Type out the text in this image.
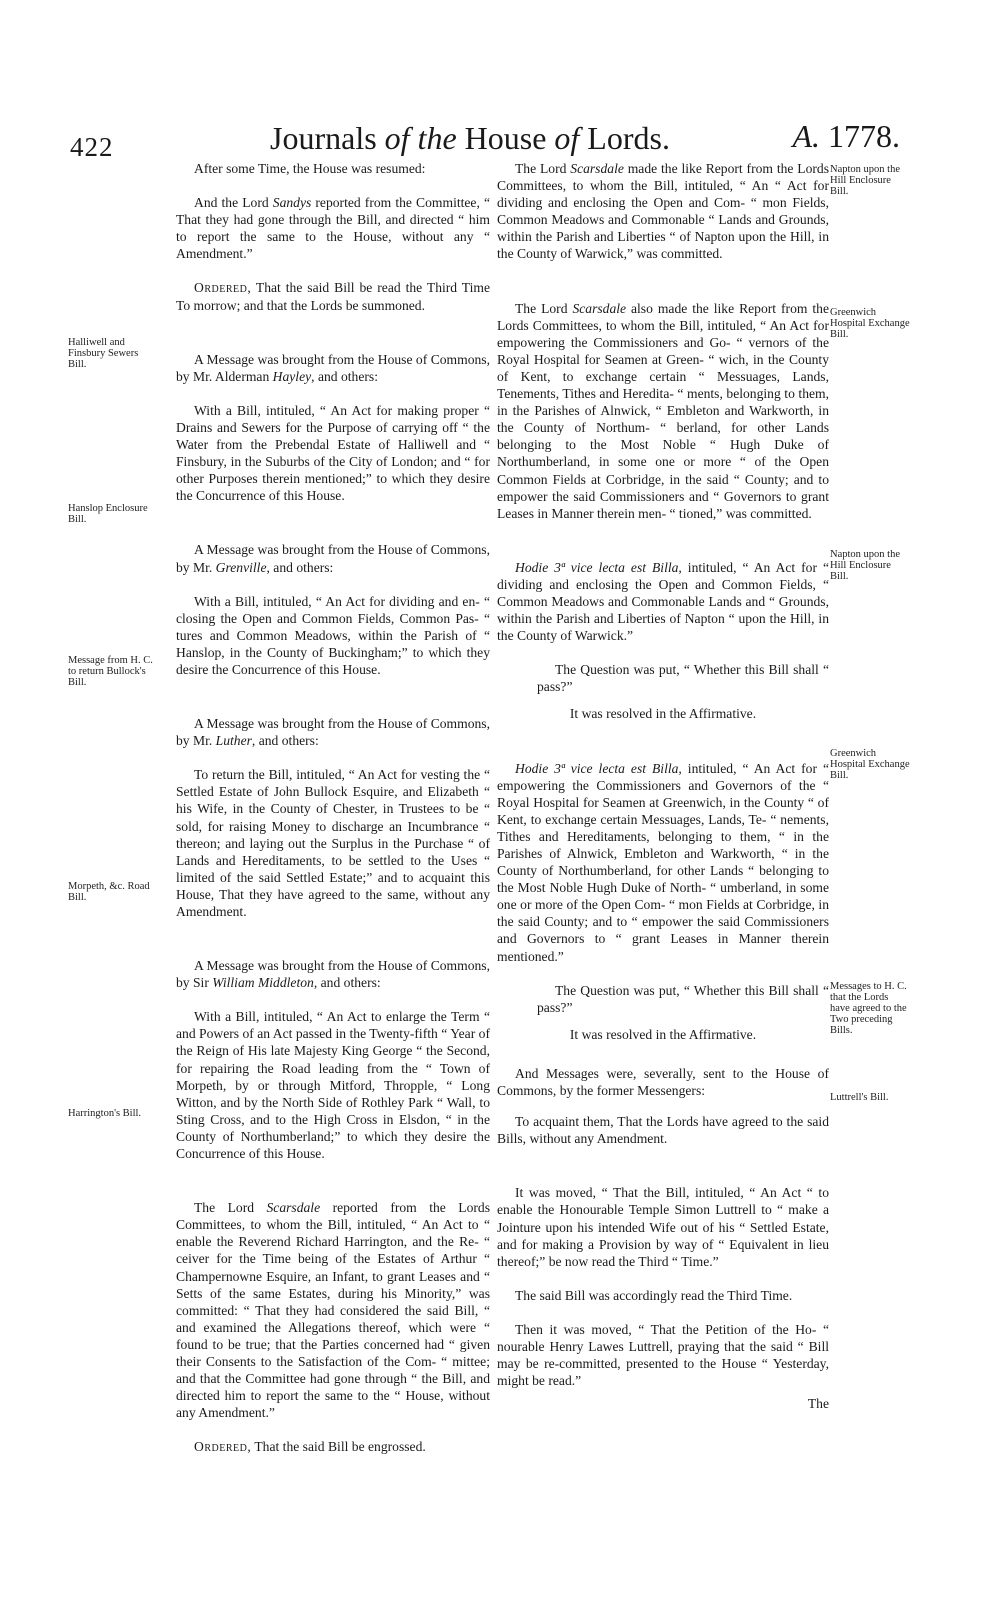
422	Journals of the House of Lords.	A. 1778.
Halliwell and Finsbury Sewers Bill.
Hanslop Enclosure Bill.
Message from H. C. to return Bullock's Bill.
Morpeth, &c. Road Bill.
Harrington's Bill.
Napton upon the Hill Enclosure Bill.
Greenwich Hospital Exchange Bill.
Napton upon the Hill Enclosure Bill.
Greenwich Hospital Exchange Bill.
Messages to H. C. that the Lords have agreed to the Two preceding Bills.
Luttrell's Bill.

After some Time, the House was resumed:

And the Lord Sandys reported from the Committee, “ That they had gone through the Bill, and directed “ him to report the same to the House, without any “ Amendment.”

Ordered, That the said Bill be read the Third Time To morrow; and that the Lords be summoned.

A Message was brought from the House of Commons, by Mr. Alderman Hayley, and others:

With a Bill, intituled, “ An Act for making proper “ Drains and Sewers for the Purpose of carrying off “ the Water from the Prebendal Estate of Halliwell and “ Finsbury, in the Suburbs of the City of London; and “ for other Purposes therein mentioned;” to which they desire the Concurrence of this House.

A Message was brought from the House of Commons, by Mr. Grenville, and others:

With a Bill, intituled, “ An Act for dividing and en- “ closing the Open and Common Fields, Common Pas- “ tures and Common Meadows, within the Parish of “ Hanslop, in the County of Buckingham;” to which they desire the Concurrence of this House.

A Message was brought from the House of Commons, by Mr. Luther, and others:

To return the Bill, intituled, “ An Act for vesting the “ Settled Estate of John Bullock Esquire, and Elizabeth “ his Wife, in the County of Chester, in Trustees to be “ sold, for raising Money to discharge an Incumbrance “ thereon; and laying out the Surplus in the Purchase “ of Lands and Hereditaments, to be settled to the Uses “ limited of the said Settled Estate;” and to acquaint this House, That they have agreed to the same, without any Amendment.

A Message was brought from the House of Commons, by Sir William Middleton, and others:

With a Bill, intituled, “ An Act to enlarge the Term “ and Powers of an Act passed in the Twenty-fifth “ Year of the Reign of His late Majesty King George “ the Second, for repairing the Road leading from the “ Town of Morpeth, by or through Mitford, Thropple, “ Long Witton, and by the North Side of Rothley Park “ Wall, to Sting Cross, and to the High Cross in Elsdon, “ in the County of Northumberland;” to which they desire the Concurrence of this House.

The Lord Scarsdale reported from the Lords Committees, to whom the Bill, intituled, “ An Act to “ enable the Reverend Richard Harrington, and the Re- “ ceiver for the Time being of the Estates of Arthur “ Champernowne Esquire, an Infant, to grant Leases and “ Setts of the same Estates, during his Minority,” was committed: “ That they had considered the said Bill, “ and examined the Allegations thereof, which were “ found to be true; that the Parties concerned had “ given their Consents to the Satisfaction of the Com- “ mittee; and that the Committee had gone through “ the Bill, and directed him to report the same to the “ House, without any Amendment.”

Ordered, That the said Bill be engrossed.

The Lord Scarsdale made the like Report from the Lords Committees, to whom the Bill, intituled, “ An “ Act for dividing and enclosing the Open and Com- “ mon Fields, Common Meadows and Commonable “ Lands and Grounds, within the Parish and Liberties “ of Napton upon the Hill, in the County of Warwick,” was committed.

The Lord Scarsdale also made the like Report from the Lords Committees, to whom the Bill, intituled, “ An Act for empowering the Commissioners and Go- “ vernors of the Royal Hospital for Seamen at Green- “ wich, in the County of Kent, to exchange certain “ Messuages, Lands, Tenements, Tithes and Heredita- “ ments, belonging to them, in the Parishes of Alnwick, “ Embleton and Warkworth, in the County of Northum- “ berland, for other Lands belonging to the Most Noble “ Hugh Duke of Northumberland, in some one or more “ of the Open Common Fields at Corbridge, in the said “ County; and to empower the said Commissioners and “ Governors to grant Leases in Manner therein men- “ tioned,” was committed.

Hodie 3ª vice lecta est Billa, intituled, “ An Act for “ dividing and enclosing the Open and Common Fields, “ Common Meadows and Commonable Lands and “ Grounds, within the Parish and Liberties of Napton “ upon the Hill, in the County of Warwick.”

The Question was put, “ Whether this Bill shall “ pass?”

It was resolved in the Affirmative.

Hodie 3ª vice lecta est Billa, intituled, “ An Act for “ empowering the Commissioners and Governors of the “ Royal Hospital for Seamen at Greenwich, in the County “ of Kent, to exchange certain Messuages, Lands, Te- “ nements, Tithes and Hereditaments, belonging to them, “ in the Parishes of Alnwick, Embleton and Warkworth, “ in the County of Northumberland, for other Lands “ belonging to the Most Noble Hugh Duke of North- “ umberland, in some one or more of the Open Com- “ mon Fields at Corbridge, in the said County; and to “ empower the said Commissioners and Governors to “ grant Leases in Manner therein mentioned.”

The Question was put, “ Whether this Bill shall “ pass?”

It was resolved in the Affirmative.

And Messages were, severally, sent to the House of Commons, by the former Messengers:

To acquaint them, That the Lords have agreed to the said Bills, without any Amendment.

It was moved, “ That the Bill, intituled, “ An Act “ to enable the Honourable Temple Simon Luttrell to “ make a Jointure upon his intended Wife out of his “ Settled Estate, and for making a Provision by way of “ Equivalent in lieu thereof;” be now read the Third “ Time.”

The said Bill was accordingly read the Third Time.

Then it was moved, “ That the Petition of the Ho- “ nourable Henry Lawes Luttrell, praying that the said “ Bill may be re-committed, presented to the House “ Yesterday, might be read.”

The
